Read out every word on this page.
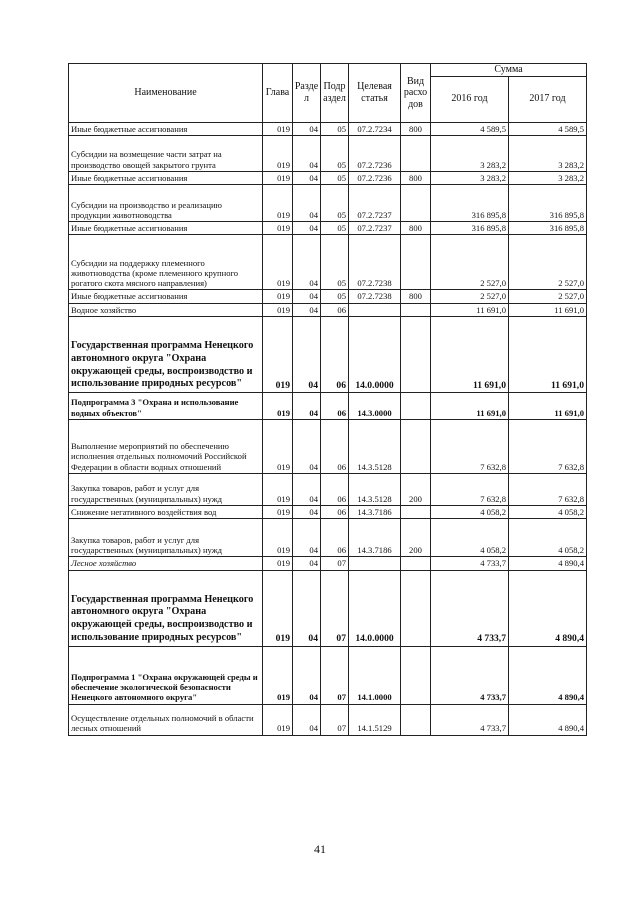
Наименование	Глава	Разде л	Подр аздел	Целевая статья	Вид расхо дов	Сумма	
						2016 год	2017 год
Иные бюджетные ассигнования	019	04	05	07.2.7234	800	4 589,5	4 589,5
Субсидии на возмещение части затрат на производство овощей закрытого грунта	019	04	05	07.2.7236		3 283,2	3 283,2
Иные бюджетные ассигнования	019	04	05	07.2.7236	800	3 283,2	3 283,2
Субсидии на производство и реализацию продукции животноводства	019	04	05	07.2.7237		316 895,8	316 895,8
Иные бюджетные ассигнования	019	04	05	07.2.7237	800	316 895,8	316 895,8
Субсидии на поддержку племенного животноводства (кроме племенного крупного рогатого скота мясного направления)	019	04	05	07.2.7238		2 527,0	2 527,0
Иные бюджетные ассигнования	019	04	05	07.2.7238	800	2 527,0	2 527,0
Водное хозяйство	019	04	06			11 691,0	11 691,0
Государственная программа Ненецкого автономного округа "Охрана окружающей среды, воспроизводство и использование природных ресурсов"	019	04	06	14.0.0000		11 691,0	11 691,0
Подпрограмма 3 "Охрана и использование водных объектов"	019	04	06	14.3.0000		11 691,0	11 691,0
Выполнение мероприятий по обеспечению исполнения отдельных полномочий Российской Федерации в области водных отношений	019	04	06	14.3.5128		7 632,8	7 632,8
Закупка товаров, работ и услуг для государственных (муниципальных) нужд	019	04	06	14.3.5128	200	7 632,8	7 632,8
Снижение негативного воздействия вод	019	04	06	14.3.7186		4 058,2	4 058,2
Закупка товаров, работ и услуг для государственных (муниципальных) нужд	019	04	06	14.3.7186	200	4 058,2	4 058,2
Лесное хозяйство	019	04	07			4 733,7	4 890,4
Государственная программа Ненецкого автономного округа "Охрана окружающей среды, воспроизводство и использование природных ресурсов"	019	04	07	14.0.0000		4 733,7	4 890,4
Подпрограмма 1 "Охрана окружающей среды и обеспечение экологической безопасности Ненецкого автономного округа"	019	04	07	14.1.0000		4 733,7	4 890,4
Осуществление отдельных полномочий в области лесных отношений	019	04	07	14.1.5129		4 733,7	4 890,4
41
